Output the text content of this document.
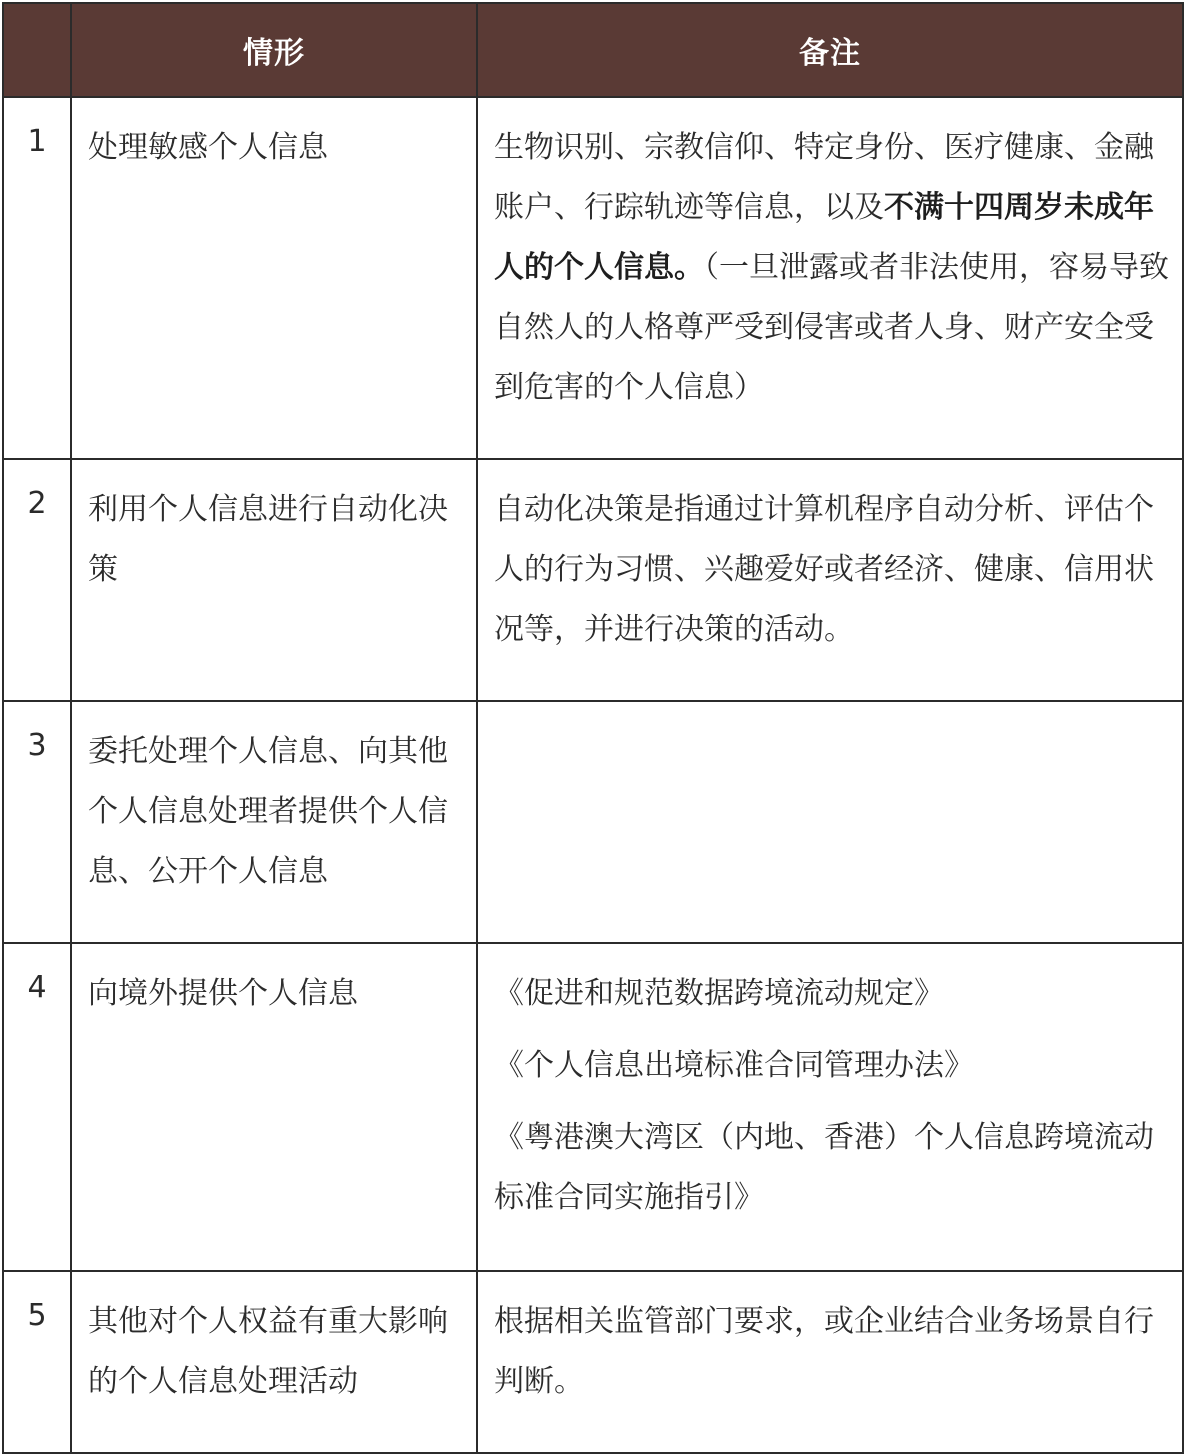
	情形	备注
1	处理敏感个人信息	生物识别、宗教信仰、特定身份、医疗健康、金融账户、行踪轨迹等信息，以及不满十四周岁未成年人的个人信息。（一旦泄露或者非法使用，容易导致自然人的人格尊严受到侵害或者人身、财产安全受到危害的个人信息）
2	利用个人信息进行自动化决策	自动化决策是指通过计算机程序自动分析、评估个人的行为习惯、兴趣爱好或者经济、健康、信用状况等，并进行决策的活动。
3	委托处理个人信息、向其他个人信息处理者提供个人信息、公开个人信息	
4	向境外提供个人信息	《促进和规范数据跨境流动规定》
《个人信息出境标准合同管理办法》
《粤港澳大湾区（内地、香港）个人信息跨境流动标准合同实施指引》

5	其他对个人权益有重大影响的个人信息处理活动	根据相关监管部门要求，或企业结合业务场景自行判断。
